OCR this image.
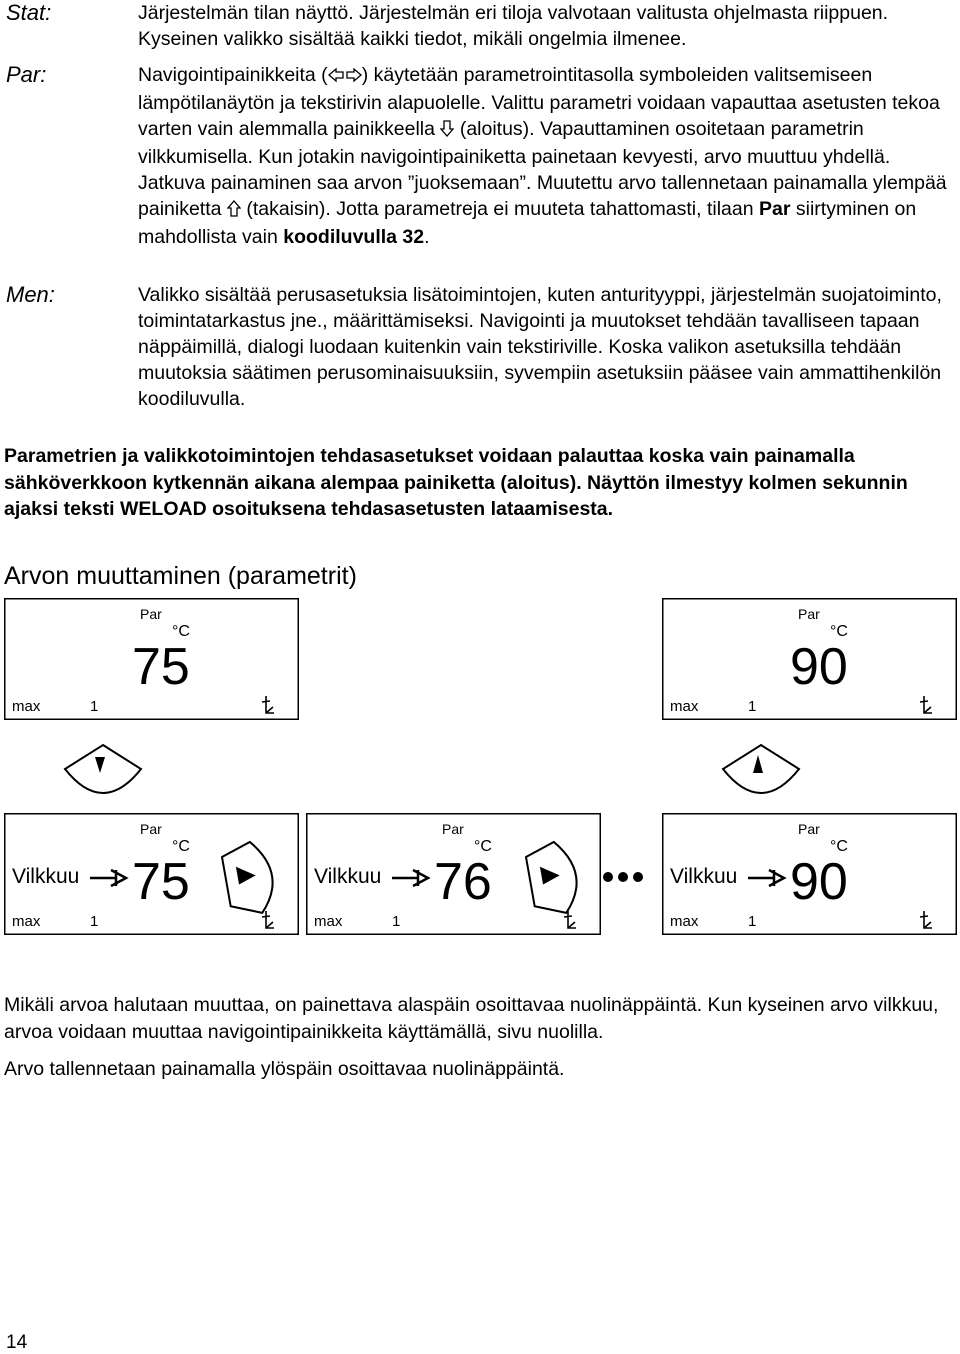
Stat:	Järjestelmän tilan näyttö. Järjestelmän eri tiloja valvotaan valitusta ohjelmasta riippuen. Kyseinen valikko sisältää kaikki tiedot, mikäli ongelmia ilmenee.

Par:	Navigointipainikkeita ( ) käytetään parametrointitasolla symboleiden valitsemiseen lämpötilanäytön ja tekstirivin alapuolelle. Valittu parametri voidaan vapauttaa asetusten tekoa varten vain alemmalla painikkeella  (aloitus). Vapauttaminen osoitetaan parametrin vilkkumisella. Kun jotakin navigointipainiketta painetaan kevyesti, arvo muuttuu yhdellä. Jatkuva painaminen saa arvon ”juoksemaan”. Muutettu arvo tallennetaan painamalla ylempää painiketta  (takaisin). Jotta parametreja ei muuteta tahattomasti, tilaan Par siirtyminen on mahdollista vain koodiluvulla 32.

Men:	Valikko sisältää perusasetuksia lisätoimintojen, kuten anturityyppi, järjestelmän suojatoiminto, toimintatarkastus jne., määrittämiseksi. Navigointi ja muutokset tehdään tavalliseen tapaan näppäimillä, dialogi luodaan kuitenkin vain tekstiriville. Koska valikon asetuksilla tehdään muutoksia säätimen perusominaisuuksiin, syvempiin asetuksiin pääsee vain ammattihenkilön koodiluvulla.

Parametrien ja valikkotoimintojen tehdasasetukset voidaan palauttaa koska vain painamalla sähköverkkoon kytkennän aikana alempaa painiketta (aloitus). Näyttön ilmestyy kolmen sekunnin ajaksi teksti WELOAD osoituksena tehdasasetusten lataamisesta.

Arvon muuttaminen (parametrit)
Par
°C
max	1
75
Par
°C
max	1
90
Par
°C
Vilkkuu 75
max	1
Par
°C
Vilkkuu 76
max	1
Par
°C
Vilkkuu 90
max	1

Mikäli arvoa halutaan muuttaa, on painettava alaspäin osoittavaa nuolinäppäintä. Kun kyseinen arvo vilkkuu, arvoa voidaan muuttaa navigointipainikkeita käyttämällä, sivu nuolilla.

Arvo tallennetaan painamalla ylöspäin osoittavaa nuolinäppäintä.

14
